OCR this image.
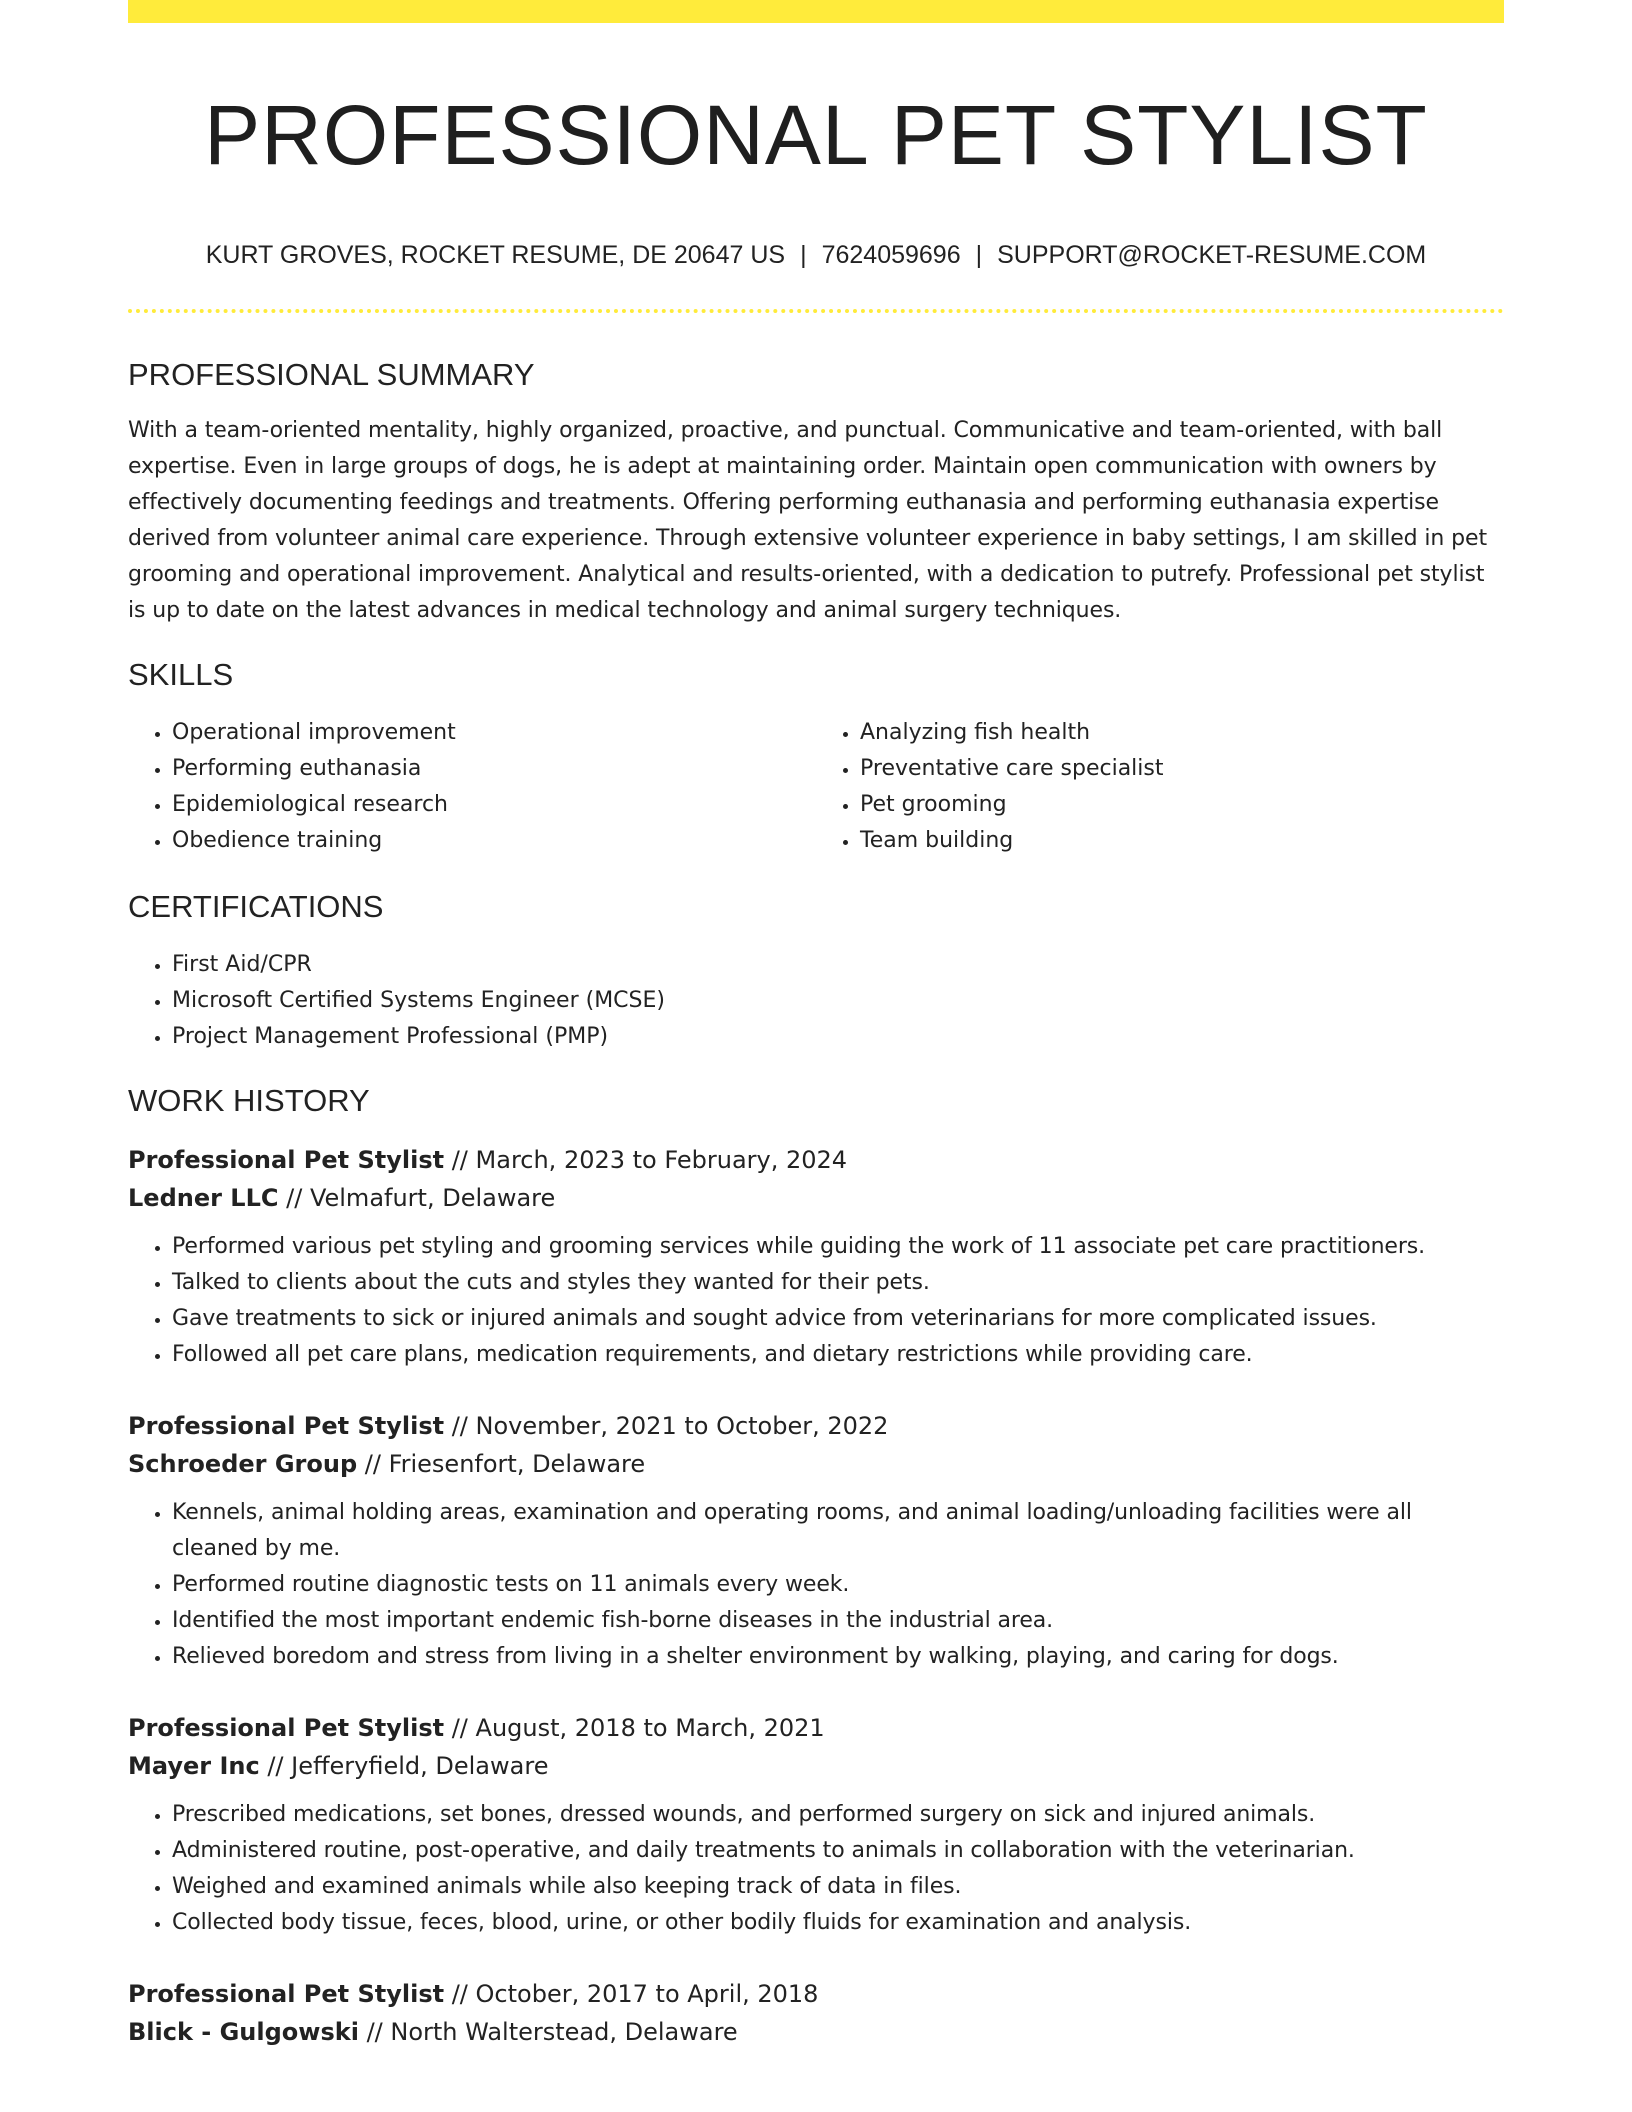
PROFESSIONAL PET STYLIST
KURT GROVES, ROCKET RESUME, DE 20647 US | 7624059696 | SUPPORT@ROCKET-RESUME.COM
PROFESSIONAL SUMMARY

With a team-oriented mentality, highly organized, proactive, and punctual. Communicative and team-oriented, with ball expertise. Even in large groups of dogs, he is adept at maintaining order. Maintain open communication with owners by effectively documenting feedings and treatments. Offering performing euthanasia and performing euthanasia expertise derived from volunteer animal care experience. Through extensive volunteer experience in baby settings, I am skilled in pet grooming and operational improvement. Analytical and results-oriented, with a dedication to putrefy. Professional pet stylist is up to date on the latest advances in medical technology and animal surgery techniques.

SKILLS
• Operational improvement
• Performing euthanasia
• Epidemiological research
• Obedience training
• Analyzing fish health
• Preventative care specialist
• Pet grooming
• Team building
CERTIFICATIONS
• First Aid/CPR
• Microsoft Certified Systems Engineer (MCSE)
• Project Management Professional (PMP)
WORK HISTORY
Professional Pet Stylist // March, 2023 to February, 2024
Ledner LLC // Velmafurt, Delaware
• Performed various pet styling and grooming services while guiding the work of 11 associate pet care practitioners.
• Talked to clients about the cuts and styles they wanted for their pets.
• Gave treatments to sick or injured animals and sought advice from veterinarians for more complicated issues.
• Followed all pet care plans, medication requirements, and dietary restrictions while providing care.
Professional Pet Stylist // November, 2021 to October, 2022
Schroeder Group // Friesenfort, Delaware
• Kennels, animal holding areas, examination and operating rooms, and animal loading/unloading facilities were all cleaned by me.
• Performed routine diagnostic tests on 11 animals every week.
• Identified the most important endemic fish-borne diseases in the industrial area.
• Relieved boredom and stress from living in a shelter environment by walking, playing, and caring for dogs.
Professional Pet Stylist // August, 2018 to March, 2021
Mayer Inc // Jefferyfield, Delaware
• Prescribed medications, set bones, dressed wounds, and performed surgery on sick and injured animals.
• Administered routine, post-operative, and daily treatments to animals in collaboration with the veterinarian.
• Weighed and examined animals while also keeping track of data in files.
• Collected body tissue, feces, blood, urine, or other bodily fluids for examination and analysis.
Professional Pet Stylist // October, 2017 to April, 2018
Blick - Gulgowski // North Walterstead, Delaware
